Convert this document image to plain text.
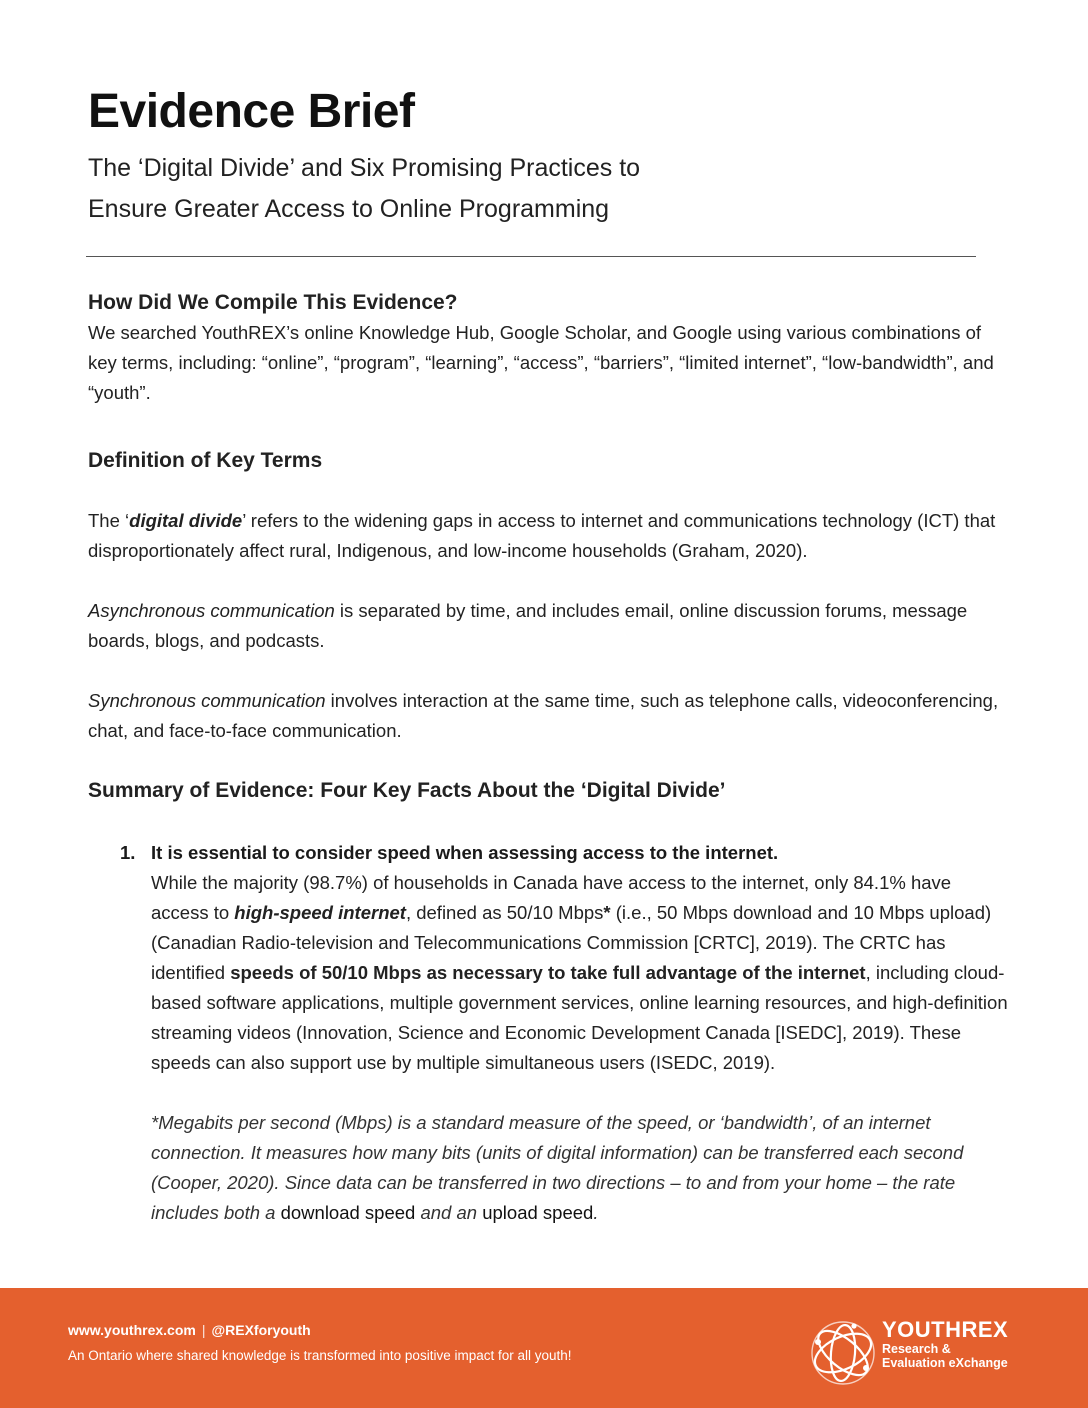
Evidence Brief
The ‘Digital Divide’ and Six Promising Practices to
Ensure Greater Access to Online Programming
How Did We Compile This Evidence?

We searched YouthREX’s online Knowledge Hub, Google Scholar, and Google using various combinations of key terms, including: “online”, “program”, “learning”, “access”, “barriers”, “limited internet”, “low-bandwidth”, and “youth”.

Definition of Key Terms

The ‘digital divide’ refers to the widening gaps in access to internet and communications technology (ICT) that disproportionately affect rural, Indigenous, and low-income households (Graham, 2020).

Asynchronous communication is separated by time, and includes email, online discussion forums, message boards, blogs, and podcasts.

Synchronous communication involves interaction at the same time, such as telephone calls, videoconferencing, chat, and face-to-face communication.

Summary of Evidence: Four Key Facts About the ‘Digital Divide’
1. It is essential to consider speed when assessing access to the internet.

While the majority (98.7%) of households in Canada have access to the internet, only 84.1% have access to high-speed internet, defined as 50/10 Mbps* (i.e., 50 Mbps download and 10 Mbps upload) (Canadian Radio-television and Telecommunications Commission [CRTC], 2019). The CRTC has identified speeds of 50/10 Mbps as necessary to take full advantage of the internet, including cloud-based software applications, multiple government services, online learning resources, and high-definition streaming videos (Innovation, Science and Economic Development Canada [ISEDC], 2019). These speeds can also support use by multiple simultaneous users (ISEDC, 2019).

*Megabits per second (Mbps) is a standard measure of the speed, or ‘bandwidth’, of an internet connection. It measures how many bits (units of digital information) can be transferred each second (Cooper, 2020). Since data can be transferred in two directions – to and from your home – the rate includes both a download speed and an upload speed.

www.youthrex.com | @REXforyouth
An Ontario where shared knowledge is transformed into positive impact for all youth!
YOUTHREX
Research &
Evaluation eXchange
